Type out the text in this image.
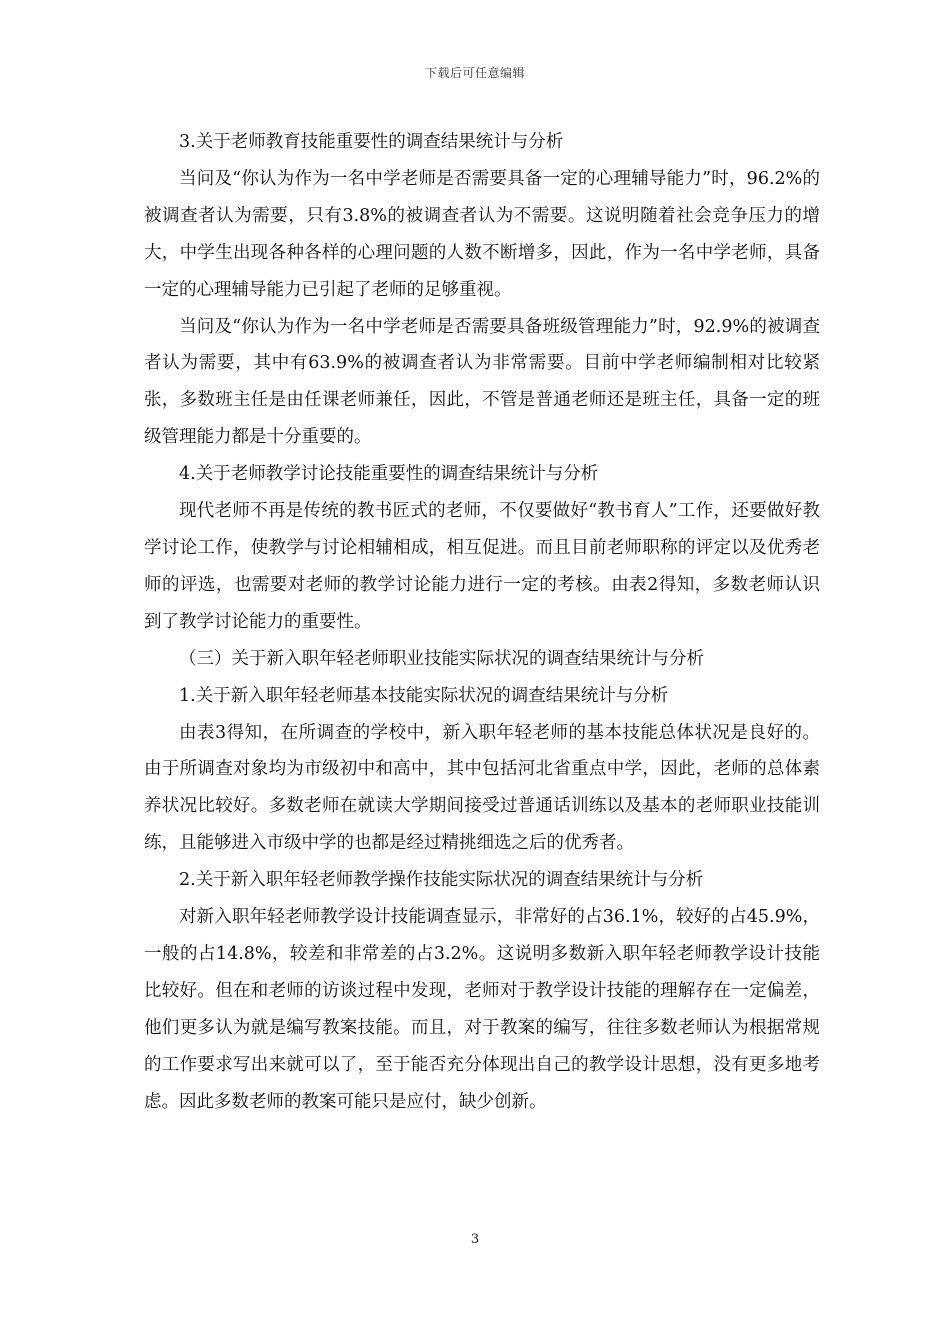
下载后可任意编辑

3.关于老师教育技能重要性的调查结果统计与分析

当问及“你认为作为一名中学老师是否需要具备一定的心理辅导能力”时，96.2%的被调查者认为需要，只有3.8%的被调查者认为不需要。这说明随着社会竞争压力的增大，中学生出现各种各样的心理问题的人数不断增多，因此，作为一名中学老师，具备一定的心理辅导能力已引起了老师的足够重视。

当问及“你认为作为一名中学老师是否需要具备班级管理能力”时，92.9%的被调查者认为需要，其中有63.9%的被调查者认为非常需要。目前中学老师编制相对比较紧张，多数班主任是由任课老师兼任，因此，不管是普通老师还是班主任，具备一定的班级管理能力都是十分重要的。

4.关于老师教学讨论技能重要性的调查结果统计与分析

现代老师不再是传统的教书匠式的老师，不仅要做好“教书育人”工作，还要做好教学讨论工作，使教学与讨论相辅相成，相互促进。而且目前老师职称的评定以及优秀老师的评选，也需要对老师的教学讨论能力进行一定的考核。由表2得知，多数老师认识到了教学讨论能力的重要性。

（三）关于新入职年轻老师职业技能实际状况的调查结果统计与分析

1.关于新入职年轻老师基本技能实际状况的调查结果统计与分析

由表3得知，在所调查的学校中，新入职年轻老师的基本技能总体状况是良好的。由于所调查对象均为市级初中和高中，其中包括河北省重点中学，因此，老师的总体素养状况比较好。多数老师在就读大学期间接受过普通话训练以及基本的老师职业技能训练，且能够进入市级中学的也都是经过精挑细选之后的优秀者。

2.关于新入职年轻老师教学操作技能实际状况的调查结果统计与分析

对新入职年轻老师教学设计技能调查显示，非常好的占36.1%，较好的占45.9%，一般的占14.8%，较差和非常差的占3.2%。这说明多数新入职年轻老师教学设计技能比较好。但在和老师的访谈过程中发现，老师对于教学设计技能的理解存在一定偏差，他们更多认为就是编写教案技能。而且，对于教案的编写，往往多数老师认为根据常规的工作要求写出来就可以了，至于能否充分体现出自己的教学设计思想，没有更多地考虑。因此多数老师的教案可能只是应付，缺少创新。

3
